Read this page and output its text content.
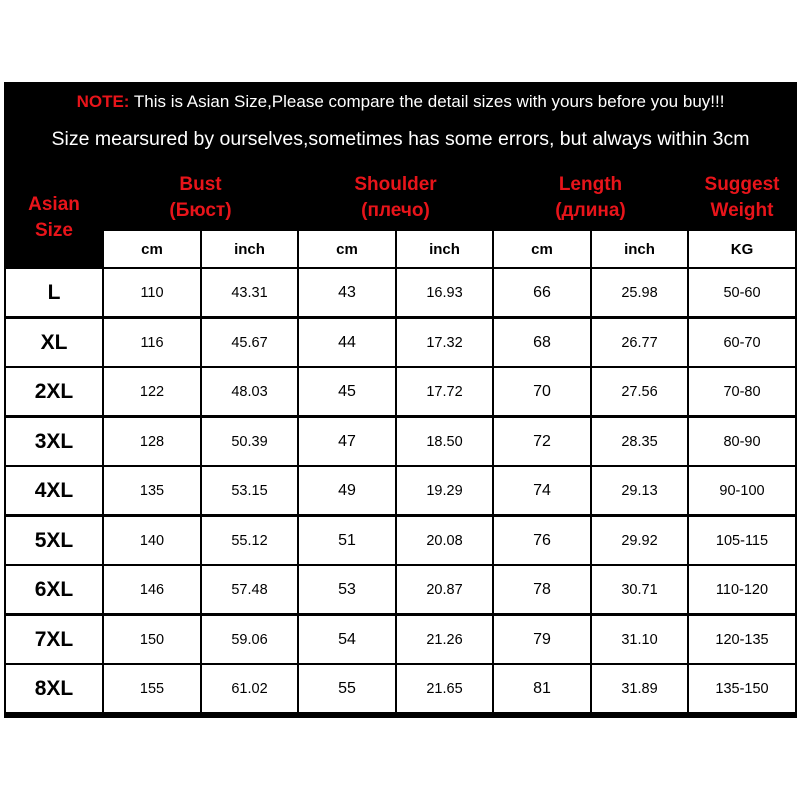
NOTE: This is Asian Size,Please compare the detail sizes with yours before you buy!!!
Size mearsured by ourselves,sometimes has some errors, but always within 3cm
Asian
Size
Bust
(Бюст)
Shoulder
(плечо)
Length
(длина)
Suggest
Weight
cm	inch	cm	inch	cm	inch	KG
L	110	43.31	43	16.93	66	25.98	50-60
XL	116	45.67	44	17.32	68	26.77	60-70
2XL	122	48.03	45	17.72	70	27.56	70-80
3XL	128	50.39	47	18.50	72	28.35	80-90
4XL	135	53.15	49	19.29	74	29.13	90-100
5XL	140	55.12	51	20.08	76	29.92	105-115
6XL	146	57.48	53	20.87	78	30.71	110-120
7XL	150	59.06	54	21.26	79	31.10	120-135
8XL	155	61.02	55	21.65	81	31.89	135-150
